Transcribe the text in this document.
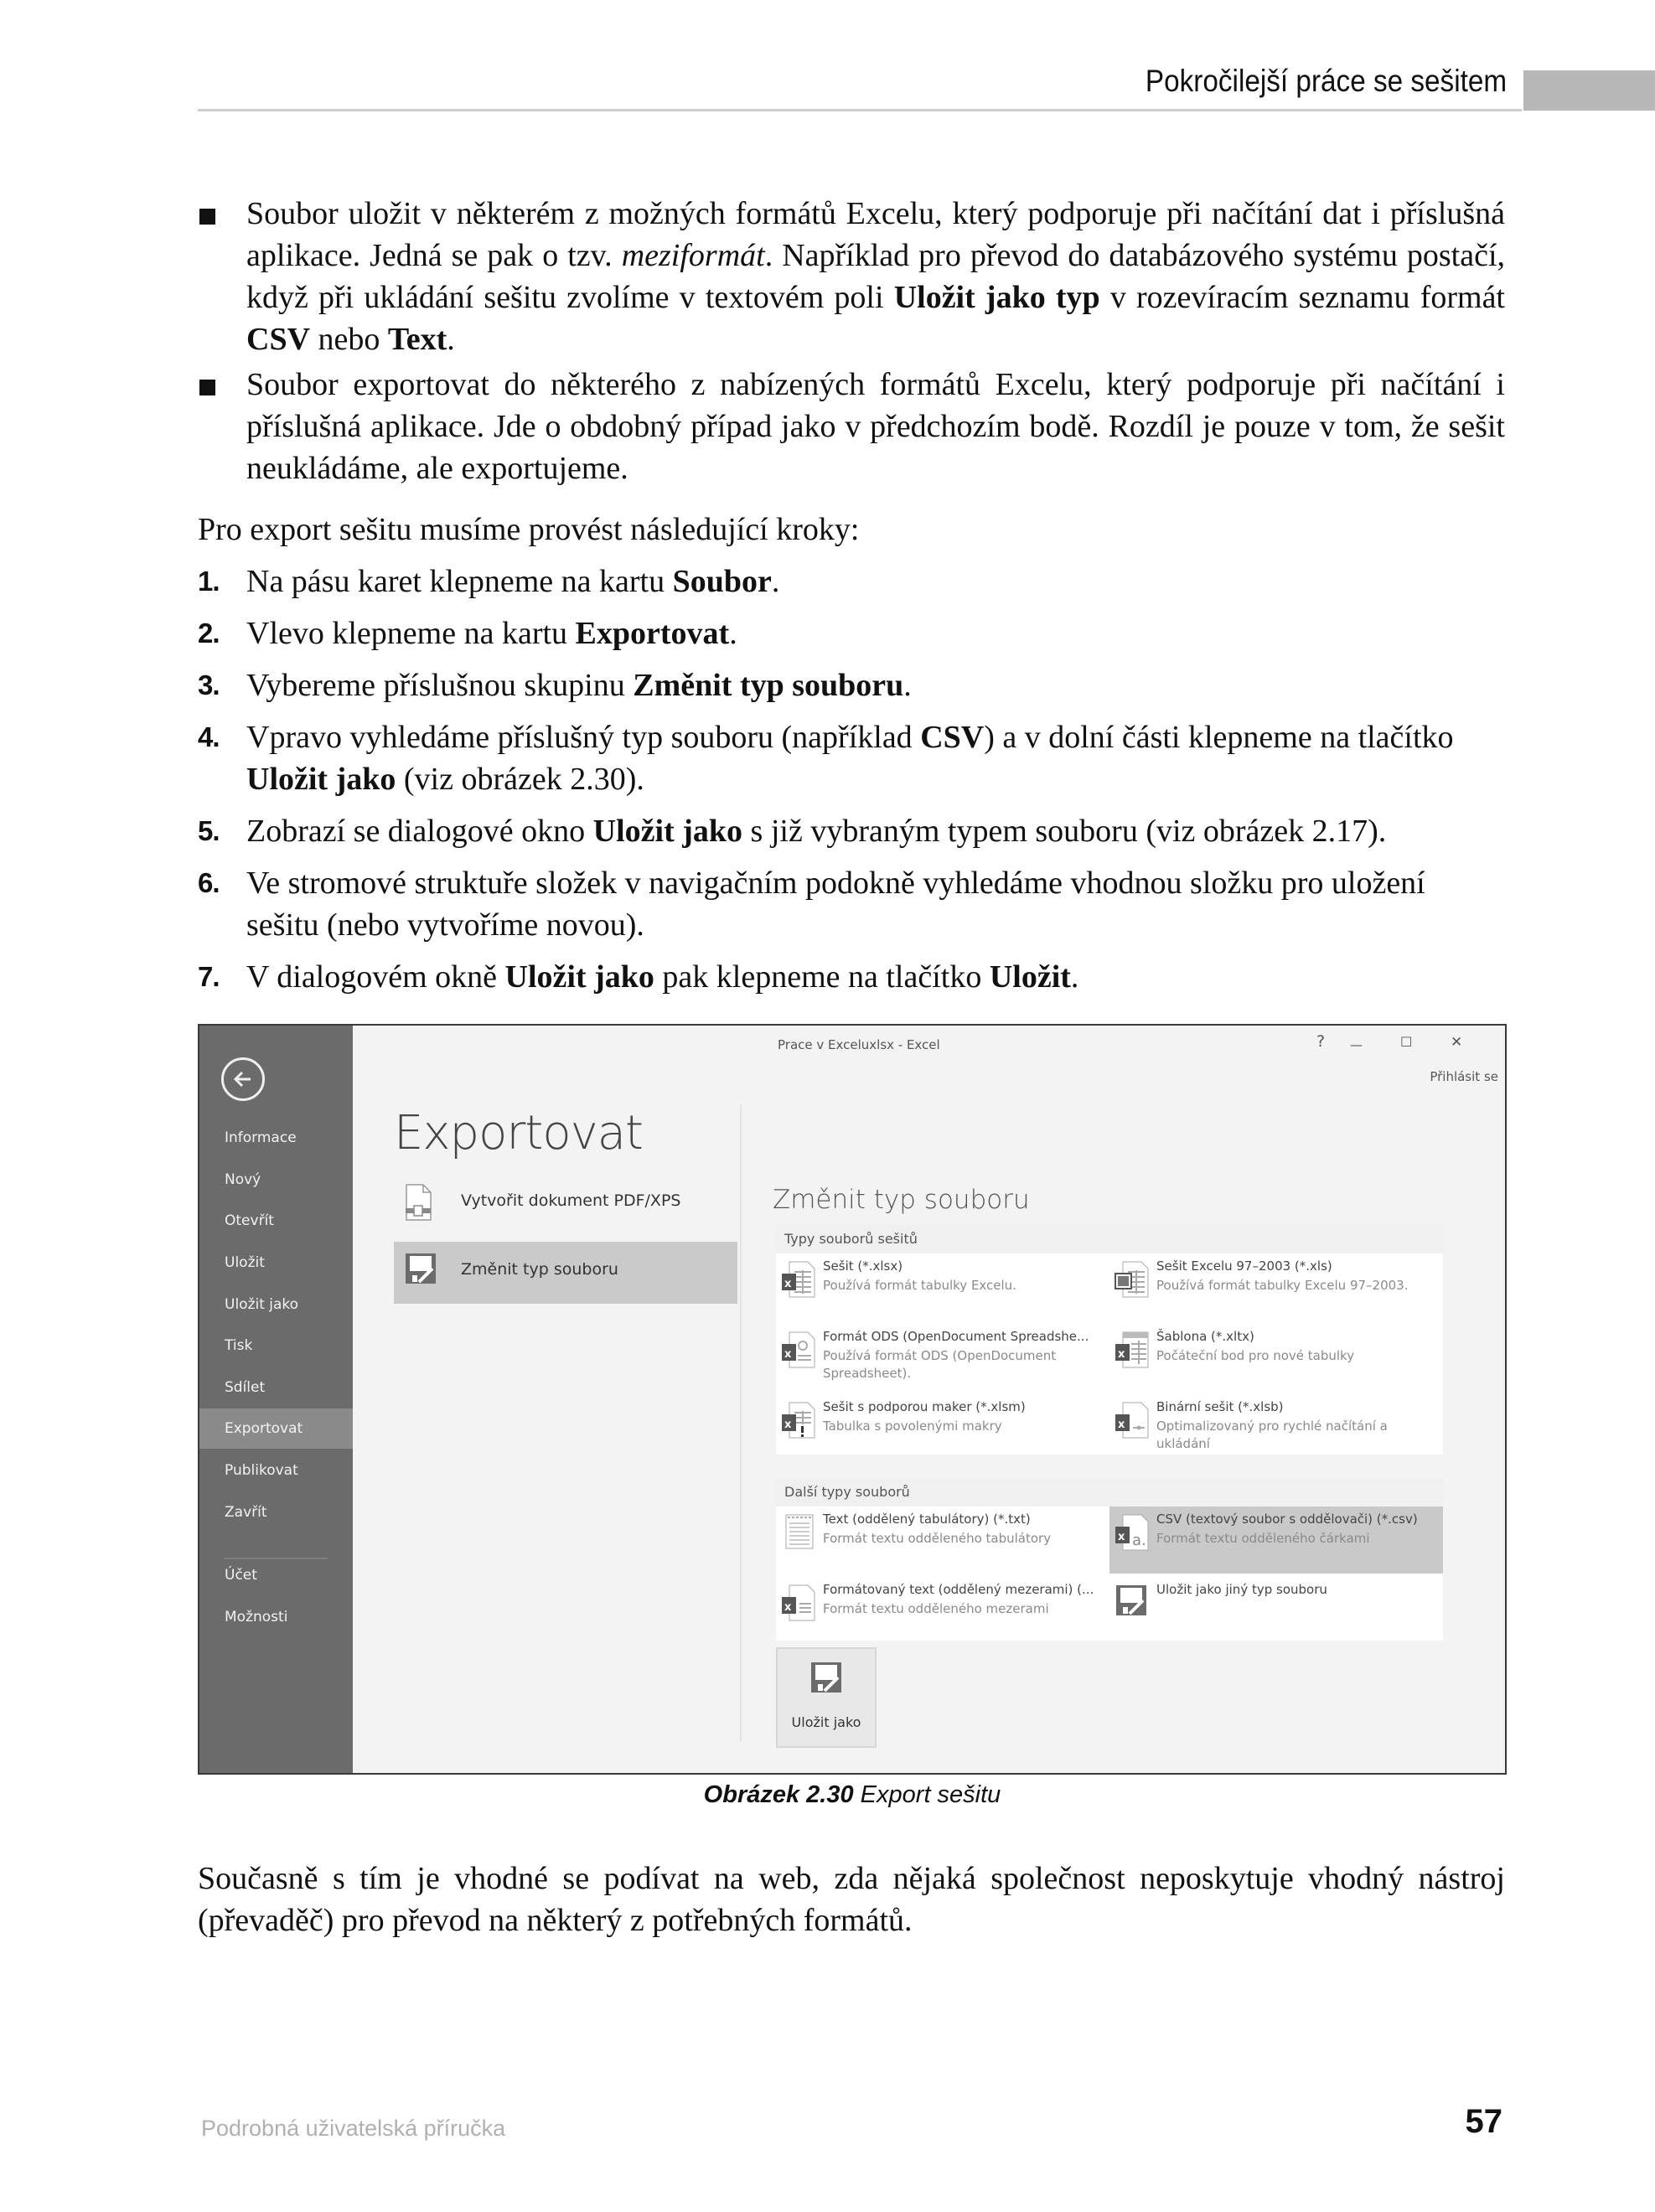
Pokročilejší práce se sešitem
Soubor uložit v některém z možných formátů Excelu, který podporuje při načítání dat i příslušná aplikace. Jedná se pak o tzv. meziformát. Například pro převod do databázového systému postačí, když při ukládání sešitu zvolíme v textovém poli Uložit jako typ v rozevíracím seznamu formát CSV nebo Text.
Soubor exportovat do některého z nabízených formátů Excelu, který podporuje při načítání i příslušná aplikace. Jde o obdobný případ jako v předchozím bodě. Rozdíl je pouze v tom, že sešit neukládáme, ale exportujeme.

Pro export sešitu musíme provést následující kroky:

1. Na pásu karet klepneme na kartu Soubor.
2. Vlevo klepneme na kartu Exportovat.
3. Vybereme příslušnou skupinu Změnit typ souboru.
4. Vpravo vyhledáme příslušný typ souboru (například CSV) a v dolní části klepneme na tlačítko Uložit jako (viz obrázek 2.30).
5. Zobrazí se dialogové okno Uložit jako s již vybraným typem souboru (viz obrázek 2.17).
6. Ve stromové struktuře složek v navigačním podokně vyhledáme vhodnou složku pro uložení sešitu (nebo vytvoříme novou).
7. V dialogovém okně Uložit jako pak klepneme na tlačítko Uložit.
Informace
Nový
Otevřít
Uložit
Uložit jako
Tisk
Sdílet
Exportovat
Publikovat
Zavřít
Účet
Možnosti
Prace v Exceluxlsx - Excel	? —	☐	✕
Přihlásit se
Exportovat
Vytvořit dokument PDF/XPS
Změnit typ souboru
Změnit typ souboru
Typy souborů sešitů
x
Sešit (*.xlsx)
Používá formát tabulky Excelu.
Sešit Excelu 97–2003 (*.xls)
Používá formát tabulky Excelu 97–2003.
x
Formát ODS (OpenDocument Spreadshe...
Používá formát ODS (OpenDocument Spreadsheet).
x
Šablona (*.xltx)
Počáteční bod pro nové tabulky
x
Sešit s podporou maker (*.xlsm)
Tabulka s povolenými makry	x
Binární sešit (*.xlsb)
Optimalizovaný pro rychlé načítání a ukládání
Další typy souborů
Text (oddělený tabulátory) (*.txt)
Formát textu odděleného tabulátory	a.
x
CSV (textový soubor s oddělovači) (*.csv)
Formát textu odděleného čárkami
x
Formátovaný text (oddělený mezerami) (...
Formát textu odděleného mezerami
Uložit jako jiný typ souboru
Uložit jako
Obrázek 2.30 Export sešitu
Současně s tím je vhodné se podívat na web, zda nějaká společnost neposkytuje vhodný nástroj (převaděč) pro převod na některý z potřebných formátů.
Podrobná uživatelská příručka	57
